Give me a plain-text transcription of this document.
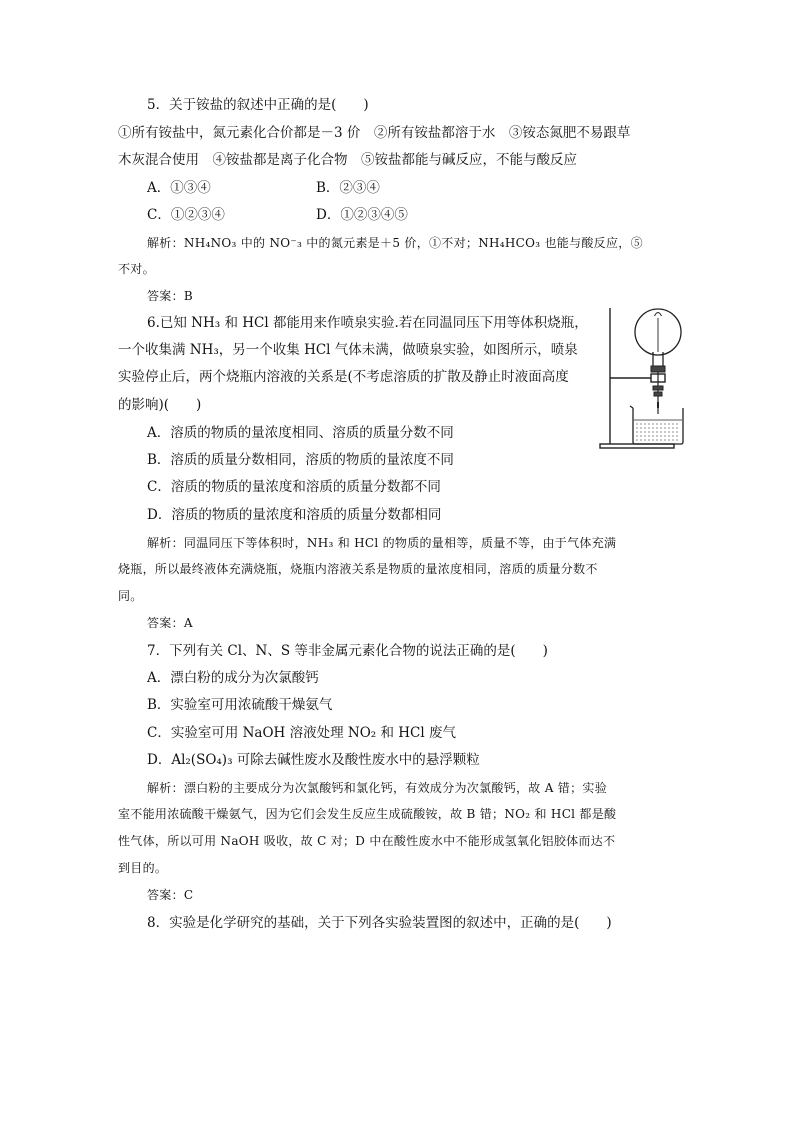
5．关于铵盐的叙述中正确的是(　　)
①所有铵盐中，氮元素化合价都是－3 价　②所有铵盐都溶于水　③铵态氮肥不易跟草
木灰混合使用　④铵盐都是离子化合物　⑤铵盐都能与碱反应，不能与酸反应
A．①③④	B．②③④
C．①②③④	D．①②③④⑤
解析：NH₄NO₃ 中的 NO⁻₃ 中的氮元素是＋5 价，①不对；NH₄HCO₃ 也能与酸反应，⑤
不对。
答案：B
6.已知 NH₃ 和 HCl 都能用来作喷泉实验.若在同温同压下用等体积烧瓶，
一个收集满 NH₃，另一个收集 HCl 气体未满，做喷泉实验，如图所示，喷泉
实验停止后，两个烧瓶内溶液的关系是(不考虑溶质的扩散及静止时液面高度
的影响)(　　)
A．溶质的物质的量浓度相同、溶质的质量分数不同
B．溶质的质量分数相同，溶质的物质的量浓度不同
C．溶质的物质的量浓度和溶质的质量分数都不同
D．溶质的物质的量浓度和溶质的质量分数都相同
解析：同温同压下等体积时，NH₃ 和 HCl 的物质的量相等，质量不等，由于气体充满
烧瓶，所以最终液体充满烧瓶，烧瓶内溶液关系是物质的量浓度相同，溶质的质量分数不
同。
答案：A
7．下列有关 Cl、N、S 等非金属元素化合物的说法正确的是(　　)
A．漂白粉的成分为次氯酸钙
B．实验室可用浓硫酸干燥氨气
C．实验室可用 NaOH 溶液处理 NO₂ 和 HCl 废气
D．Al₂(SO₄)₃ 可除去碱性废水及酸性废水中的悬浮颗粒
解析：漂白粉的主要成分为次氯酸钙和氯化钙，有效成分为次氯酸钙，故 A 错；实验
室不能用浓硫酸干燥氨气，因为它们会发生反应生成硫酸铵，故 B 错；NO₂ 和 HCl 都是酸
性气体，所以可用 NaOH 吸收，故 C 对；D 中在酸性废水中不能形成氢氧化铝胶体而达不
到目的。
答案：C
8．实验是化学研究的基础，关于下列各实验装置图的叙述中，正确的是(　　)
